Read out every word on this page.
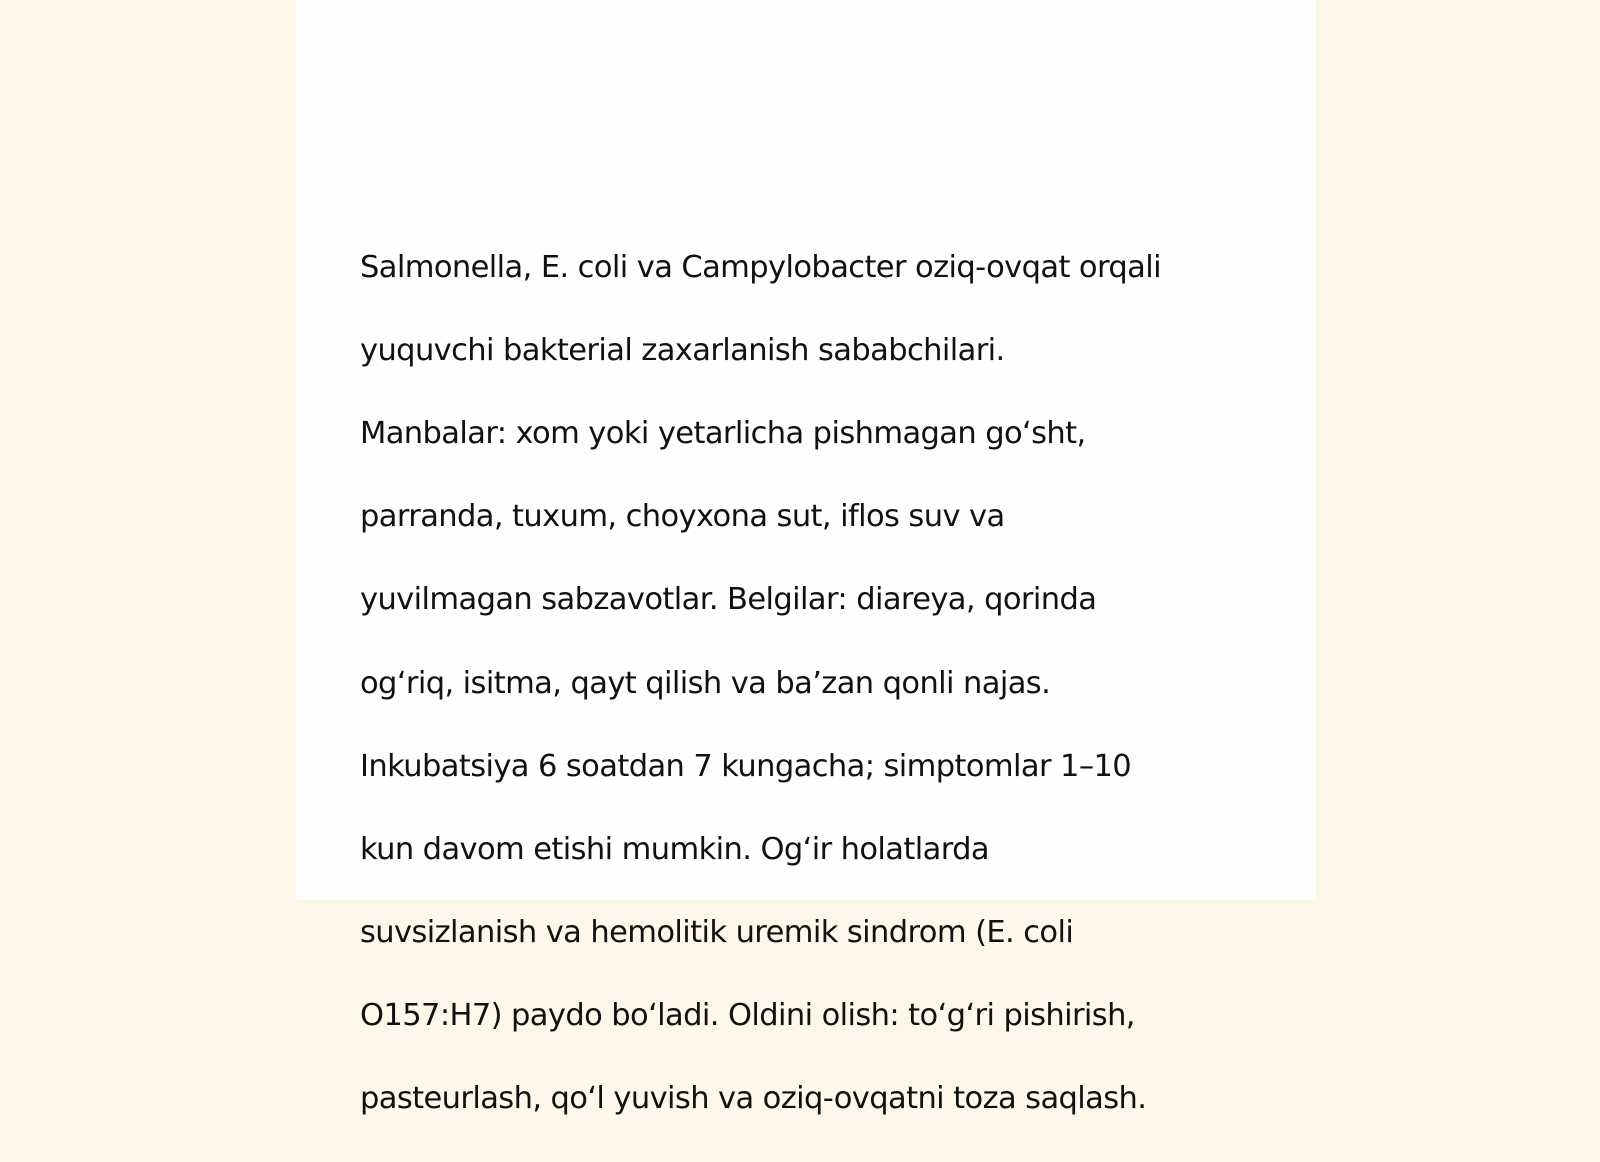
Salmonella, E. coli va Campylobacter oziq-ovqat orqali

yuquvchi bakterial zaxarlanish sababchilari.

Manbalar: xom yoki yetarlicha pishmagan go‘sht,

parranda, tuxum, choyxona sut, iflos suv va

yuvilmagan sabzavotlar. Belgilar: diareya, qorinda

og‘riq, isitma, qayt qilish va ba’zan qonli najas.

Inkubatsiya 6 soatdan 7 kungacha; simptomlar 1–10

kun davom etishi mumkin. Og‘ir holatlarda

suvsizlanish va hemolitik uremik sindrom (E. coli

O157:H7) paydo bo‘ladi. Oldini olish: to‘g‘ri pishirish,

pasteurlash, qo‘l yuvish va oziq-ovqatni toza saqlash.
